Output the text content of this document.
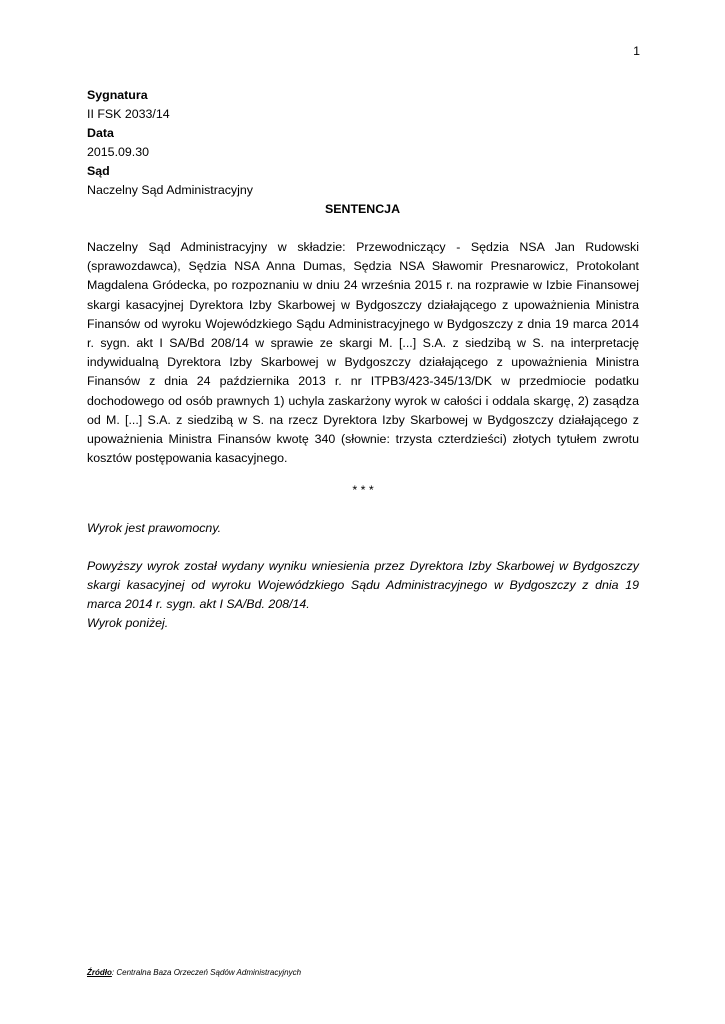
1
Sygnatura
II FSK 2033/14
Data
2015.09.30
Sąd
Naczelny Sąd Administracyjny
SENTENCJA

Naczelny Sąd Administracyjny w składzie: Przewodniczący - Sędzia NSA Jan Rudowski (sprawozdawca), Sędzia NSA Anna Dumas, Sędzia NSA Sławomir Presnarowicz, Protokolant Magdalena Gródecka, po rozpoznaniu w dniu 24 września 2015 r. na rozprawie w Izbie Finansowej skargi kasacyjnej Dyrektora Izby Skarbowej w Bydgoszczy działającego z upoważnienia Ministra Finansów od wyroku Wojewódzkiego Sądu Administracyjnego w Bydgoszczy z dnia 19 marca 2014 r. sygn. akt I SA/Bd 208/14 w sprawie ze skargi M. [...] S.A. z siedzibą w S. na interpretację indywidualną Dyrektora Izby Skarbowej w Bydgoszczy działającego z upoważnienia Ministra Finansów z dnia 24 października 2013 r. nr ITPB3/423-345/13/DK w przedmiocie podatku dochodowego od osób prawnych 1) uchyla zaskarżony wyrok w całości i oddala skargę, 2) zasądza od M. [...] S.A. z siedzibą w S. na rzecz Dyrektora Izby Skarbowej w Bydgoszczy działającego z upoważnienia Ministra Finansów kwotę 340 (słownie: trzysta czterdzieści) złotych tytułem zwrotu kosztów postępowania kasacyjnego.

* * *

Wyrok jest prawomocny.

Powyższy wyrok został wydany wyniku wniesienia przez Dyrektora Izby Skarbowej w Bydgoszczy skargi kasacyjnej od wyroku Wojewódzkiego Sądu Administracyjnego w Bydgoszczy z dnia 19 marca 2014 r. sygn. akt I SA/Bd. 208/14.

Wyrok poniżej.

Źródło: Centralna Baza Orzeczeń Sądów Administracyjnych
